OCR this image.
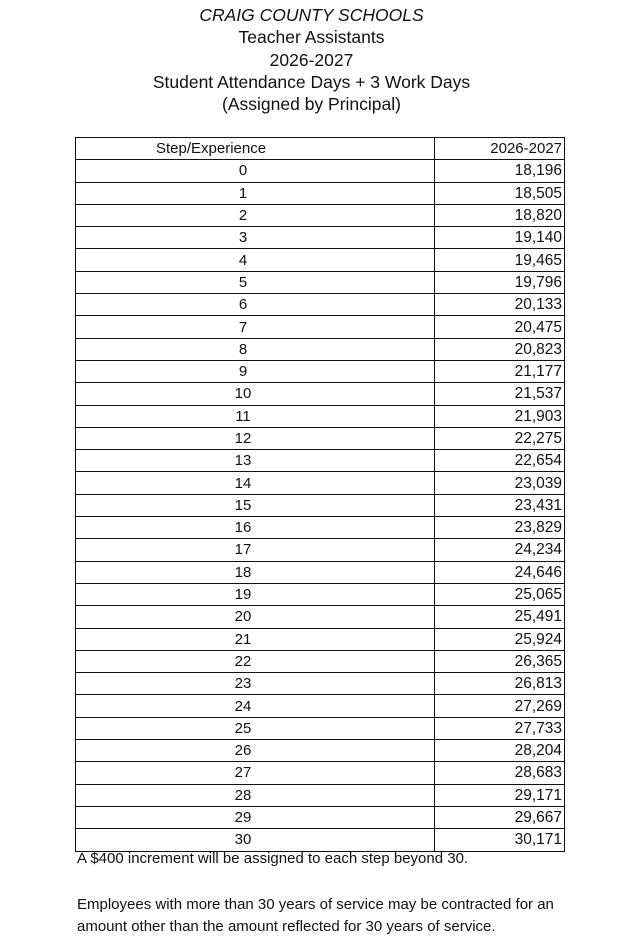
CRAIG COUNTY SCHOOLS
Teacher Assistants
2026-2027
Student Attendance Days + 3 Work Days
(Assigned by Principal)
Step/Experience	2026-2027
0	18,196
1	18,505
2	18,820
3	19,140
4	19,465
5	19,796
6	20,133
7	20,475
8	20,823
9	21,177
10	21,537
11	21,903
12	22,275
13	22,654
14	23,039
15	23,431
16	23,829
17	24,234
18	24,646
19	25,065
20	25,491
21	25,924
22	26,365
23	26,813
24	27,269
25	27,733
26	28,204
27	28,683
28	29,171
29	29,667
30	30,171
A $400 increment will be assigned to each step beyond 30.
Employees with more than 30 years of service may be contracted for an amount other than the amount reflected for 30 years of service.
